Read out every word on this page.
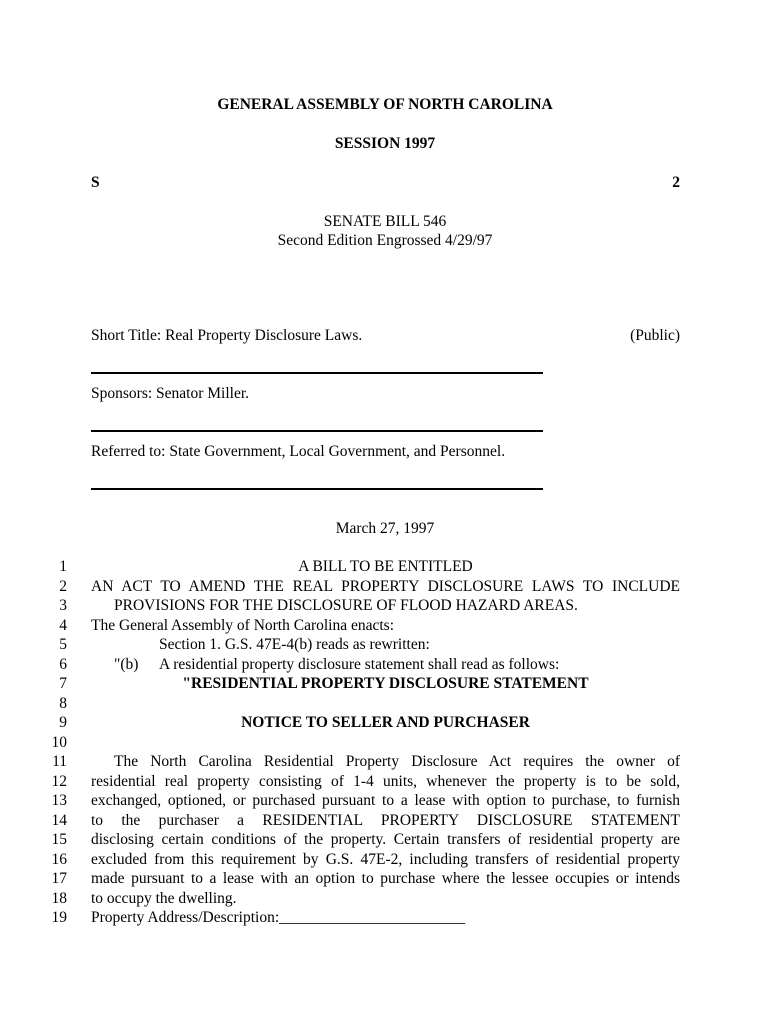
GENERAL ASSEMBLY OF NORTH CAROLINA
SESSION 1997
S	2
SENATE BILL 546
Second Edition Engrossed 4/29/97
Short Title: Real Property Disclosure Laws.	(Public)
Sponsors: Senator Miller.
Referred to: State Government, Local Government, and Personnel.
March 27, 1997
1
2
3
4
5
6
7
8
9
10
11
12
13
14
15
16
17
18
19
A BILL TO BE ENTITLED
AN ACT TO AMEND THE REAL PROPERTY DISCLOSURE LAWS TO INCLUDE
PROVISIONS FOR THE DISCLOSURE OF FLOOD HAZARD AREAS.
The General Assembly of North Carolina enacts:
Section 1. G.S. 47E-4(b) reads as rewritten:
"(b) A residential property disclosure statement shall read as follows:
"RESIDENTIAL PROPERTY DISCLOSURE STATEMENT
NOTICE TO SELLER AND PURCHASER
The North Carolina Residential Property Disclosure Act requires the owner of
residential real property consisting of 1-4 units, whenever the property is to be sold,
exchanged, optioned, or purchased pursuant to a lease with option to purchase, to furnish
to the purchaser a RESIDENTIAL PROPERTY DISCLOSURE STATEMENT
disclosing certain conditions of the property. Certain transfers of residential property are
excluded from this requirement by G.S. 47E-2, including transfers of residential property
made pursuant to a lease with an option to purchase where the lessee occupies or intends
to occupy the dwelling.
Property Address/Description:________________________
